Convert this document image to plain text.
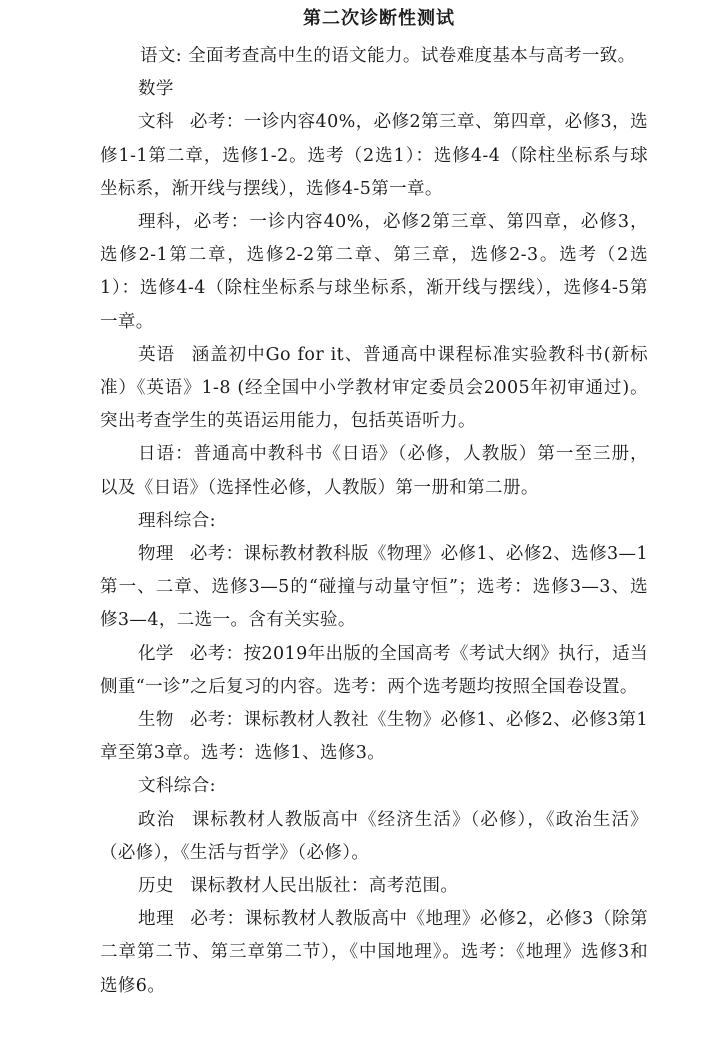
第二次诊断性测试

语文: 全面考查高中生的语文能力。试卷难度基本与高考一致。

数学

文科 必考：一诊内容40%，必修2第三章、第四章，必修3，选修1-1第二章，选修1-2。选考（2选1）：选修4-4（除柱坐标系与球坐标系，渐开线与摆线），选修4-5第一章。

理科，必考：一诊内容40%，必修2第三章、第四章，必修3，选修2-1第二章，选修2-2第二章、第三章，选修2-3。选考（2选1）：选修4-4（除柱坐标系与球坐标系，渐开线与摆线），选修4-5第一章。

英语 涵盖初中Go for it、普通高中课程标准实验教科书(新标准）《英语》1-8 (经全国中小学教材审定委员会2005年初审通过)。突出考查学生的英语运用能力，包括英语听力。

日语：普通高中教科书《日语》（必修，人教版）第一至三册，以及《日语》（选择性必修，人教版）第一册和第二册。

理科综合:

物理 必考：课标教材教科版《物理》必修1、必修2、选修3—1第一、二章、选修3—5的“碰撞与动量守恒”；选考：选修3—3、选修3—4，二选一。含有关实验。

化学 必考：按2019年出版的全国高考《考试大纲》执行，适当侧重“一诊”之后复习的内容。选考：两个选考题均按照全国卷设置。

生物 必考：课标教材人教社《生物》必修1、必修2、必修3第1章至第3章。选考：选修1、选修3。

文科综合:

政治 课标教材人教版高中《经济生活》（必修），《政治生活》（必修），《生活与哲学》（必修）。

历史 课标教材人民出版社：高考范围。

地理 必考：课标教材人教版高中《地理》必修2，必修3（除第二章第二节、第三章第二节），《中国地理》。选考：《地理》选修3和选修6。
